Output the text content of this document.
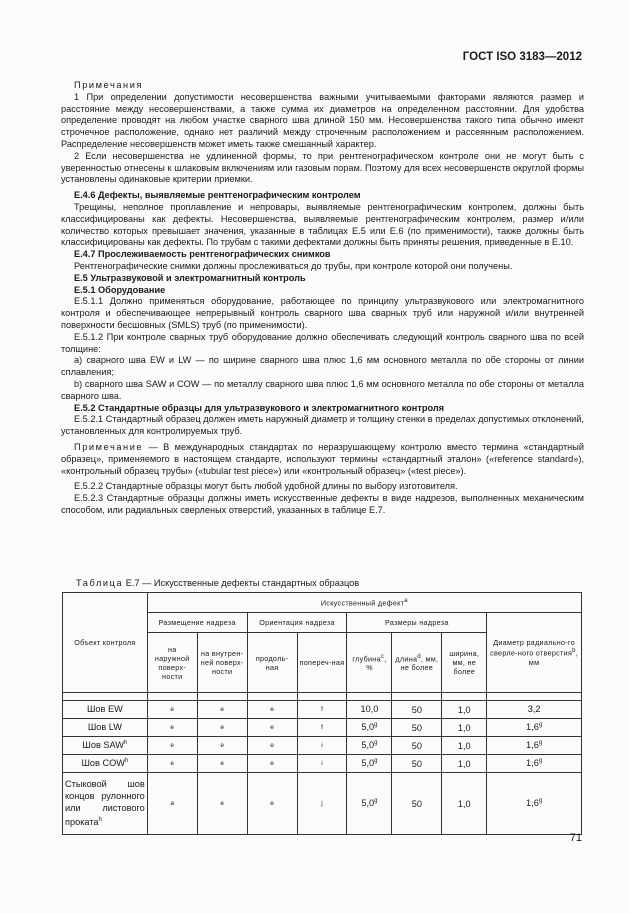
ГОСТ ISO 3183—2012

Примечания

1 При определении допустимости несовершенства важными учитываемыми факторами являются размер и расстояние между несовершенствами, а также сумма их диаметров на определенном расстоянии. Для удобства определение проводят на любом участке сварного шва длиной 150 мм. Несовершенства такого типа обычно имеют строчечное расположение, однако нет различий между строчечным расположением и рассеянным расположением. Распределение несовершенств может иметь также смешанный характер.

2 Если несовершенства не удлиненной формы, то при рентгенографическом контроле они не могут быть с уверенностью отнесены к шлаковым включениям или газовым порам. Поэтому для всех несовершенств округлой формы установлены одинаковые критерии приемки.

Е.4.6 Дефекты, выявляемые рентгенографическим контролем

Трещины, неполное проплавление и непровары, выявляемые рентгенографическим контролем, должны быть классифицированы как дефекты. Несовершенства, выявляемые рентгенографическим контролем, размер и/или количество которых превышает значения, указанные в таблицах Е.5 или Е.6 (по применимости), также должны быть классифицированы как дефекты. По трубам с такими дефектами должны быть приняты решения, приведенные в Е.10.

Е.4.7 Прослеживаемость рентгенографических снимков

Рентгенографические снимки должны прослеживаться до трубы, при контроле которой они получены.

Е.5 Ультразвуковой и электромагнитный контроль

Е.5.1 Оборудование

Е.5.1.1 Должно применяться оборудование, работающее по принципу ультразвукового или электромагнитного контроля и обеспечивающее непрерывный контроль сварного шва сварных труб или наружной и/или внутренней поверхности бесшовных (SMLS) труб (по применимости).

Е.5.1.2 При контроле сварных труб оборудование должно обеспечивать следующий контроль сварного шва по всей толщине:

a) сварного шва EW и LW — по ширине сварного шва плюс 1,6 мм основного металла по обе стороны от линии сплавления;

b) сварного шва SAW и COW — по металлу сварного шва плюс 1,6 мм основного металла по обе стороны от металла сварного шва.

Е.5.2 Стандартные образцы для ультразвукового и электромагнитного контроля

Е.5.2.1 Стандартный образец должен иметь наружный диаметр и толщину стенки в пределах допустимых отклонений, установленных для контролируемых труб.

Примечание — В международных стандартах по неразрушающему контролю вместо термина «стандартный образец», применяемого в настоящем стандарте, используют термины «стандартный эталон» («reference standard»), «контрольный образец трубы» («tubular test piece») или «контрольный образец» («test piece»).

Е.5.2.2 Стандартные образцы могут быть любой удобной длины по выбору изготовителя.

Е.5.2.3 Стандартные образцы должны иметь искусственные дефекты в виде надрезов, выполненных механическим способом, или радиальных сверленых отверстий, указанных в таблице Е.7.

Таблица Е.7 — Искусственные дефекты стандартных образцов
Объект контроля	Искусственный дефект$^a$
	Размещение надреза		Ориентация надреза		Размеры надреза			Диаметр радиально-го сверле-ного отверстия$^b$, мм
	на наружной поверх-ности	на внутрен-ней поверх-ности	продоль-ная	попереч-ная	глубина$^c$, %	длина$^d$, мм, не более	ширина, мм, не более	

Шов EW	e	e	e	f	10,0	50	1,0	3,2
Шов LW	e	e	e	f	5,0$^g$	50	1,0	1,6$^g$
Шов SAW$^h$	e	e	e	i	5,0$^g$	50	1,0	1,6$^g$
Шов COW$^h$	e	e	e	i	5,0$^g$	50	1,0	1,6$^g$
Стыковой шов концов рулонного или листового проката$^h$	a	e	e	j	5,0$^g$	50	1,0	1,6$^g$
71
